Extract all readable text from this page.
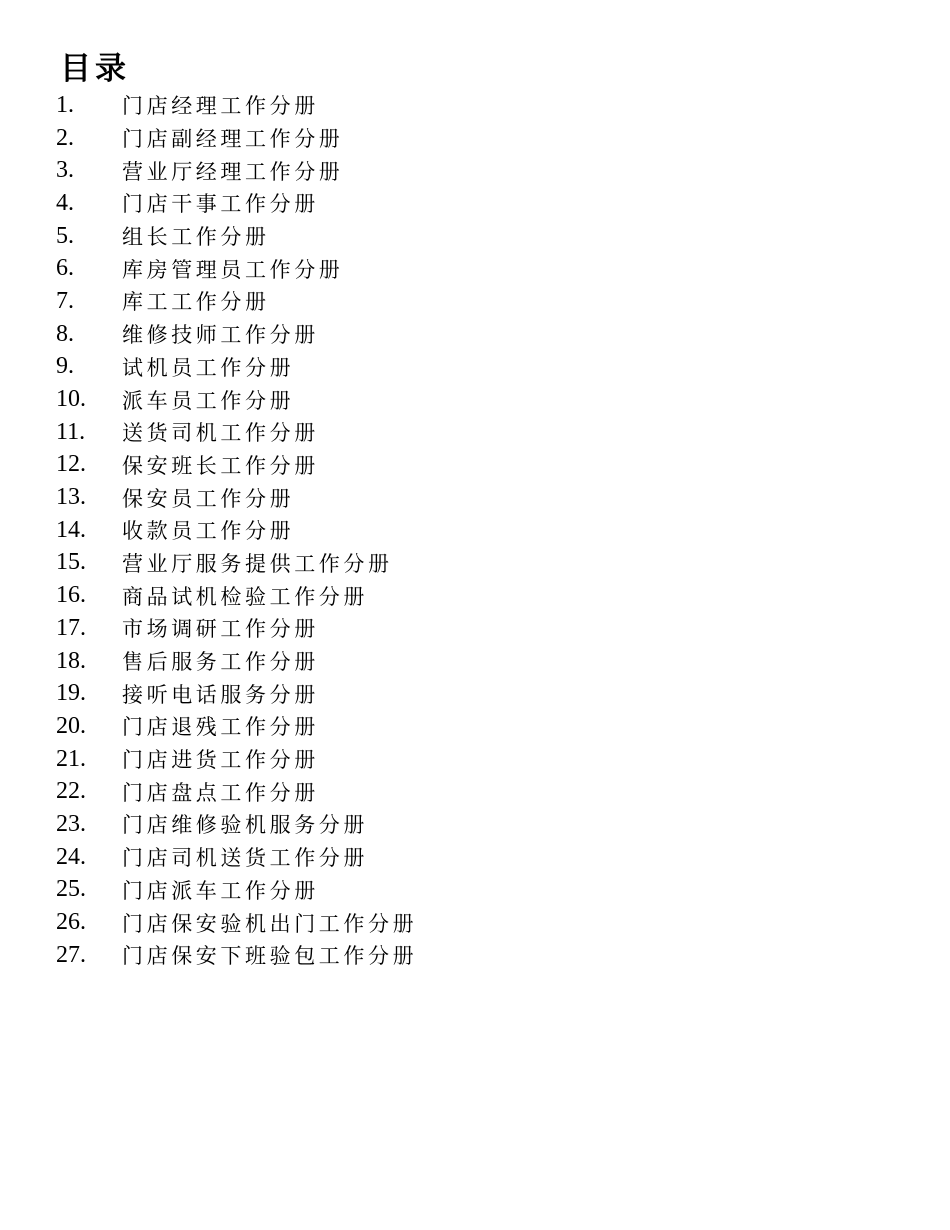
目录
1.	门店经理工作分册
2.	门店副经理工作分册
3.	营业厅经理工作分册
4.	门店干事工作分册
5.	组长工作分册
6.	库房管理员工作分册
7.	库工工作分册
8.	维修技师工作分册
9.	试机员工作分册
10.	派车员工作分册
11.	送货司机工作分册
12.	保安班长工作分册
13.	保安员工作分册
14.	收款员工作分册
15.	营业厅服务提供工作分册
16.	商品试机检验工作分册
17.	市场调研工作分册
18.	售后服务工作分册
19.	接听电话服务分册
20.	门店退残工作分册
21.	门店进货工作分册
22.	门店盘点工作分册
23.	门店维修验机服务分册
24.	门店司机送货工作分册
25.	门店派车工作分册
26.	门店保安验机出门工作分册
27.	门店保安下班验包工作分册
